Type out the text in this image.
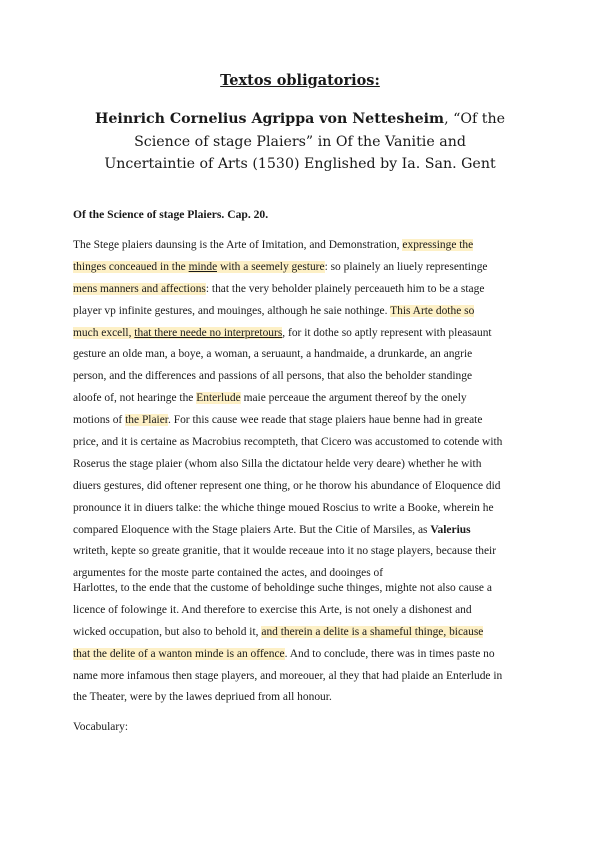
Textos obligatorios:

Heinrich Cornelius Agrippa von Nettesheim, “Of the Science of stage Plaiers” in Of the Vanitie and Uncertaintie of Arts (1530) Englished by Ia. San. Gent

Of the Science of stage Plaiers. Cap. 20.

The Stege plaiers daunsing is the Arte of Imitation, and Demonstration, expressinge the
thinges conceaued in the minde with a seemely gesture: so plainely an liuely representinge
mens manners and affections: that the very beholder plainely perceaueth him to be a stage
player vp infinite gestures, and mouinges, although he saie nothinge. This Arte dothe so
much excell, that there neede no interpretours, for it dothe so aptly represent with pleasaunt
gesture an olde man, a boye, a woman, a seruaunt, a handmaide, a drunkarde, an angrie
person, and the differences and passions of all persons, that also the beholder standinge
aloofe of, not hearinge the Enterlude maie perceaue the argument thereof by the onely
motions of the Plaier. For this cause wee reade that stage plaiers haue benne had in greate
price, and it is certaine as Macrobius recompteth, that Cicero was accustomed to cotende with
Roserus the stage plaier (whom also Silla the dictatour helde very deare) whether he with
diuers gestures, did oftener represent one thing, or he thorow his abundance of Eloquence did
pronounce it in diuers talke: the whiche thinge moued Roscius to write a Booke, wherein he
compared Eloquence with the Stage plaiers Arte. But the Citie of Marsiles, as Valerius
writeth, kepte so greate granitie, that it woulde receaue into it no stage players, because their
argumentes for the moste parte contained the actes, and dooinges of
Harlottes, to the ende that the custome of beholdinge suche thinges, mighte not also cause a
licence of folowinge it. And therefore to exercise this Arte, is not onely a dishonest and
wicked occupation, but also to behold it, and therein a delite is a shameful thinge, bicause
that the delite of a wanton minde is an offence. And to conclude, there was in times paste no
name more infamous then stage players, and moreouer, al they that had plaide an Enterlude in
the Theater, were by the lawes depriued from all honour.

Vocabulary:
